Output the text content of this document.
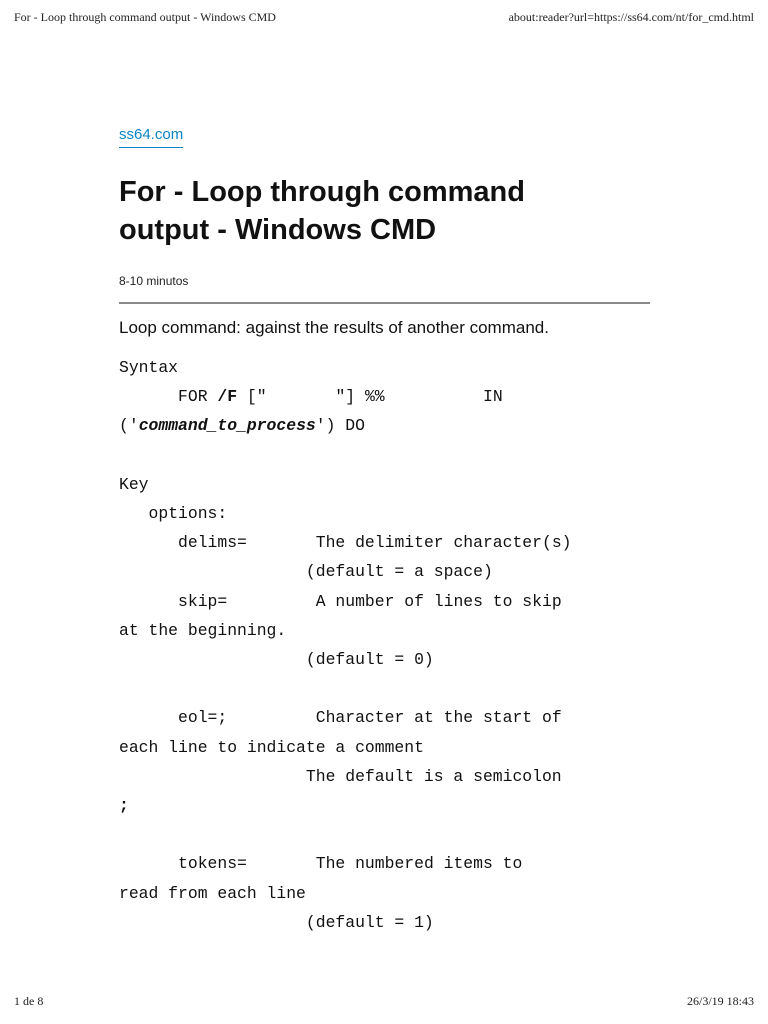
For - Loop through command output - Windows CMD	about:reader?url=https://ss64.com/nt/for_cmd.html
ss64.com
For - Loop through command output - Windows CMD
8-10 minutos
Loop command: against the results of another command.
Syntax
FOR /F ["	"] %%	IN
('command_to_process') DO

Key
options:
delims=	The delimiter character(s)
(default = a space)
skip=	A number of lines to skip
at the beginning.
(default = 0)

eol=;	Character at the start of
each line to indicate a comment
The default is a semicolon
;

tokens=	The numbered items to
read from each line
(default = 1)
1 de 8	26/3/19 18:43
